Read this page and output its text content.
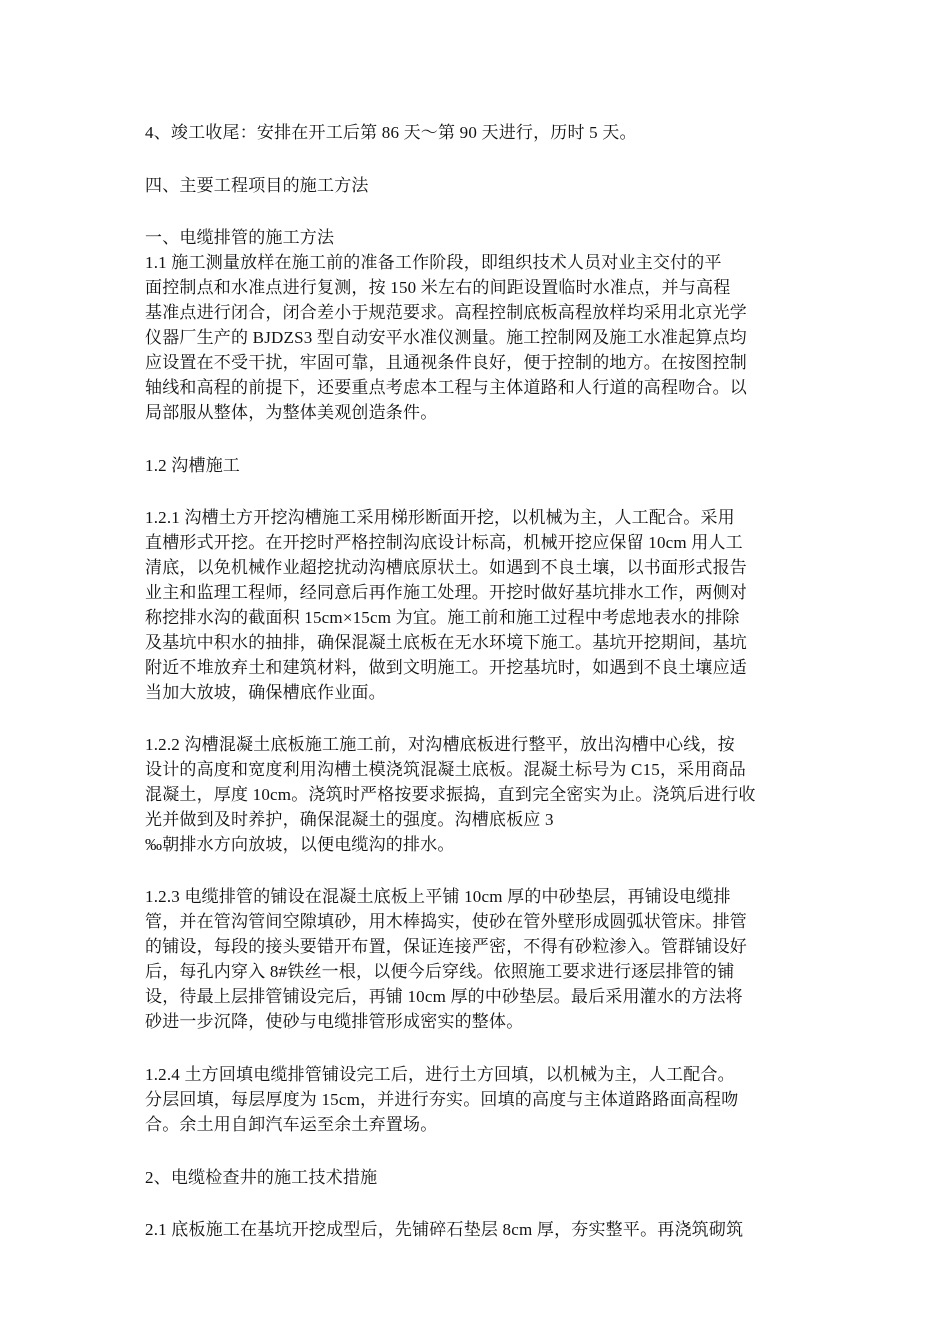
4、竣工收尾：安排在开工后第 86 天～第 90 天进行，历时 5 天。
四、主要工程项目的施工方法
一、电缆排管的施工方法
1.1 施工测量放样在施工前的准备工作阶段，即组织技术人员对业主交付的平
面控制点和水准点进行复测，按 150 米左右的间距设置临时水准点，并与高程
基准点进行闭合，闭合差小于规范要求。高程控制底板高程放样均采用北京光学
仪器厂生产的 BJDZS3 型自动安平水准仪测量。施工控制网及施工水准起算点均
应设置在不受干扰，牢固可靠，且通视条件良好，便于控制的地方。在按图控制
轴线和高程的前提下，还要重点考虑本工程与主体道路和人行道的高程吻合。以
局部服从整体，为整体美观创造条件。
1.2 沟槽施工
1.2.1 沟槽土方开挖沟槽施工采用梯形断面开挖，以机械为主，人工配合。采用
直槽形式开挖。在开挖时严格控制沟底设计标高，机械开挖应保留 10cm 用人工
清底，以免机械作业超挖扰动沟槽底原状土。如遇到不良土壤，以书面形式报告
业主和监理工程师，经同意后再作施工处理。开挖时做好基坑排水工作，两侧对
称挖排水沟的截面积 15cm×15cm 为宜。施工前和施工过程中考虑地表水的排除
及基坑中积水的抽排，确保混凝土底板在无水环境下施工。基坑开挖期间，基坑
附近不堆放弃土和建筑材料，做到文明施工。开挖基坑时，如遇到不良土壤应适
当加大放坡，确保槽底作业面。
1.2.2 沟槽混凝土底板施工施工前，对沟槽底板进行整平，放出沟槽中心线，按
设计的高度和宽度利用沟槽土模浇筑混凝土底板。混凝土标号为 C15，采用商品
混凝土，厚度 10cm。浇筑时严格按要求振捣，直到完全密实为止。浇筑后进行收
光并做到及时养护，确保混凝土的强度。沟槽底板应 3
‰朝排水方向放坡，以便电缆沟的排水。
1.2.3 电缆排管的铺设在混凝土底板上平铺 10cm 厚的中砂垫层，再铺设电缆排
管，并在管沟管间空隙填砂，用木棒捣实，使砂在管外壁形成圆弧状管床。排管
的铺设，每段的接头要错开布置，保证连接严密，不得有砂粒渗入。管群铺设好
后，每孔内穿入 8#铁丝一根，以便今后穿线。依照施工要求进行逐层排管的铺
设，待最上层排管铺设完后，再铺 10cm 厚的中砂垫层。最后采用灌水的方法将
砂进一步沉降，使砂与电缆排管形成密实的整体。
1.2.4 土方回填电缆排管铺设完工后，进行土方回填，以机械为主，人工配合。
分层回填，每层厚度为 15cm，并进行夯实。回填的高度与主体道路路面高程吻
合。余土用自卸汽车运至余土弃置场。
2、电缆检查井的施工技术措施
2.1 底板施工在基坑开挖成型后，先铺碎石垫层 8cm 厚，夯实整平。再浇筑砌筑
